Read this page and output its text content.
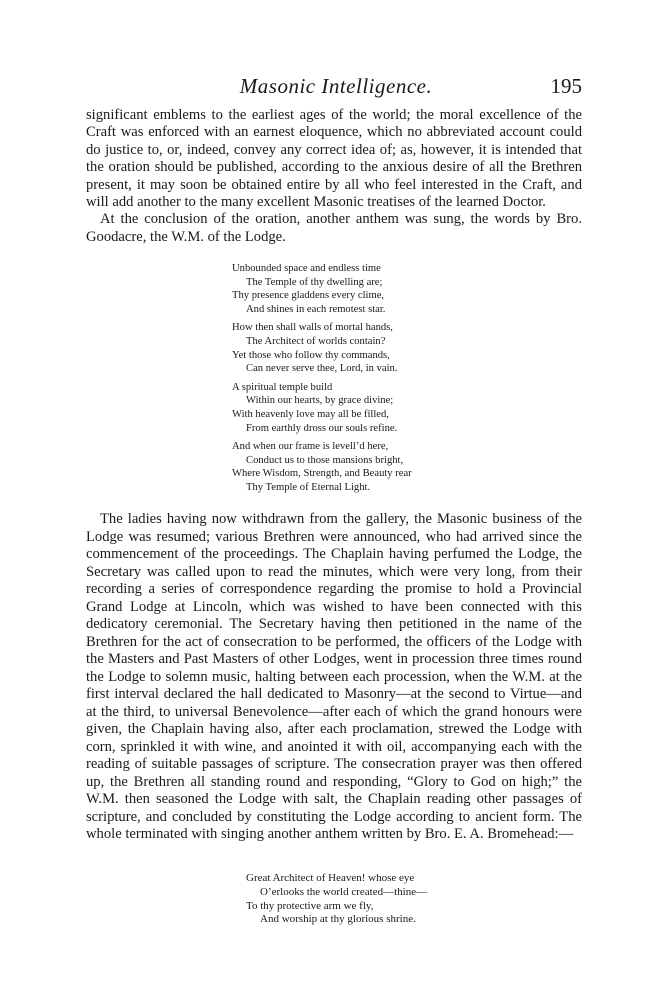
Masonic Intelligence.	195

significant emblems to the earliest ages of the world; the moral excellence of the Craft was enforced with an earnest eloquence, which no abbreviated account could do justice to, or, indeed, convey any correct idea of; as, however, it is intended that the oration should be published, according to the anxious desire of all the Brethren present, it may soon be obtained entire by all who feel interested in the Craft, and will add another to the many excellent Masonic treatises of the learned Doctor.

At the conclusion of the oration, another anthem was sung, the words by Bro. Goodacre, the W.M. of the Lodge.

Unbounded space and endless time
The Temple of thy dwelling are;
Thy presence gladdens every clime,
And shines in each remotest star.
How then shall walls of mortal hands,
The Architect of worlds contain?
Yet those who follow thy commands,
Can never serve thee, Lord, in vain.
A spiritual temple build
Within our hearts, by grace divine;
With heavenly love may all be filled,
From earthly dross our souls refine.
And when our frame is levell’d here,
Conduct us to those mansions bright,
Where Wisdom, Strength, and Beauty rear
Thy Temple of Eternal Light.

The ladies having now withdrawn from the gallery, the Masonic business of the Lodge was resumed; various Brethren were announced, who had arrived since the commencement of the proceedings. The Chaplain having perfumed the Lodge, the Secretary was called upon to read the minutes, which were very long, from their recording a series of correspondence regarding the promise to hold a Provincial Grand Lodge at Lincoln, which was wished to have been connected with this dedicatory ceremonial. The Secretary having then petitioned in the name of the Brethren for the act of consecration to be performed, the officers of the Lodge with the Masters and Past Masters of other Lodges, went in procession three times round the Lodge to solemn music, halting between each procession, when the W.M. at the first interval declared the hall dedicated to Masonry—at the second to Virtue—and at the third, to universal Benevolence—after each of which the grand honours were given, the Chaplain having also, after each proclamation, strewed the Lodge with corn, sprinkled it with wine, and anointed it with oil, accompanying each with the reading of suitable passages of scripture. The consecration prayer was then offered up, the Brethren all standing round and responding, “Glory to God on high;” the W.M. then seasoned the Lodge with salt, the Chaplain reading other passages of scripture, and concluded by constituting the Lodge according to ancient form. The whole terminated with singing another anthem written by Bro. E. A. Bromehead:—

Great Architect of Heaven! whose eye
O’erlooks the world created—thine—
To thy protective arm we fly,
And worship at thy glorious shrine.
